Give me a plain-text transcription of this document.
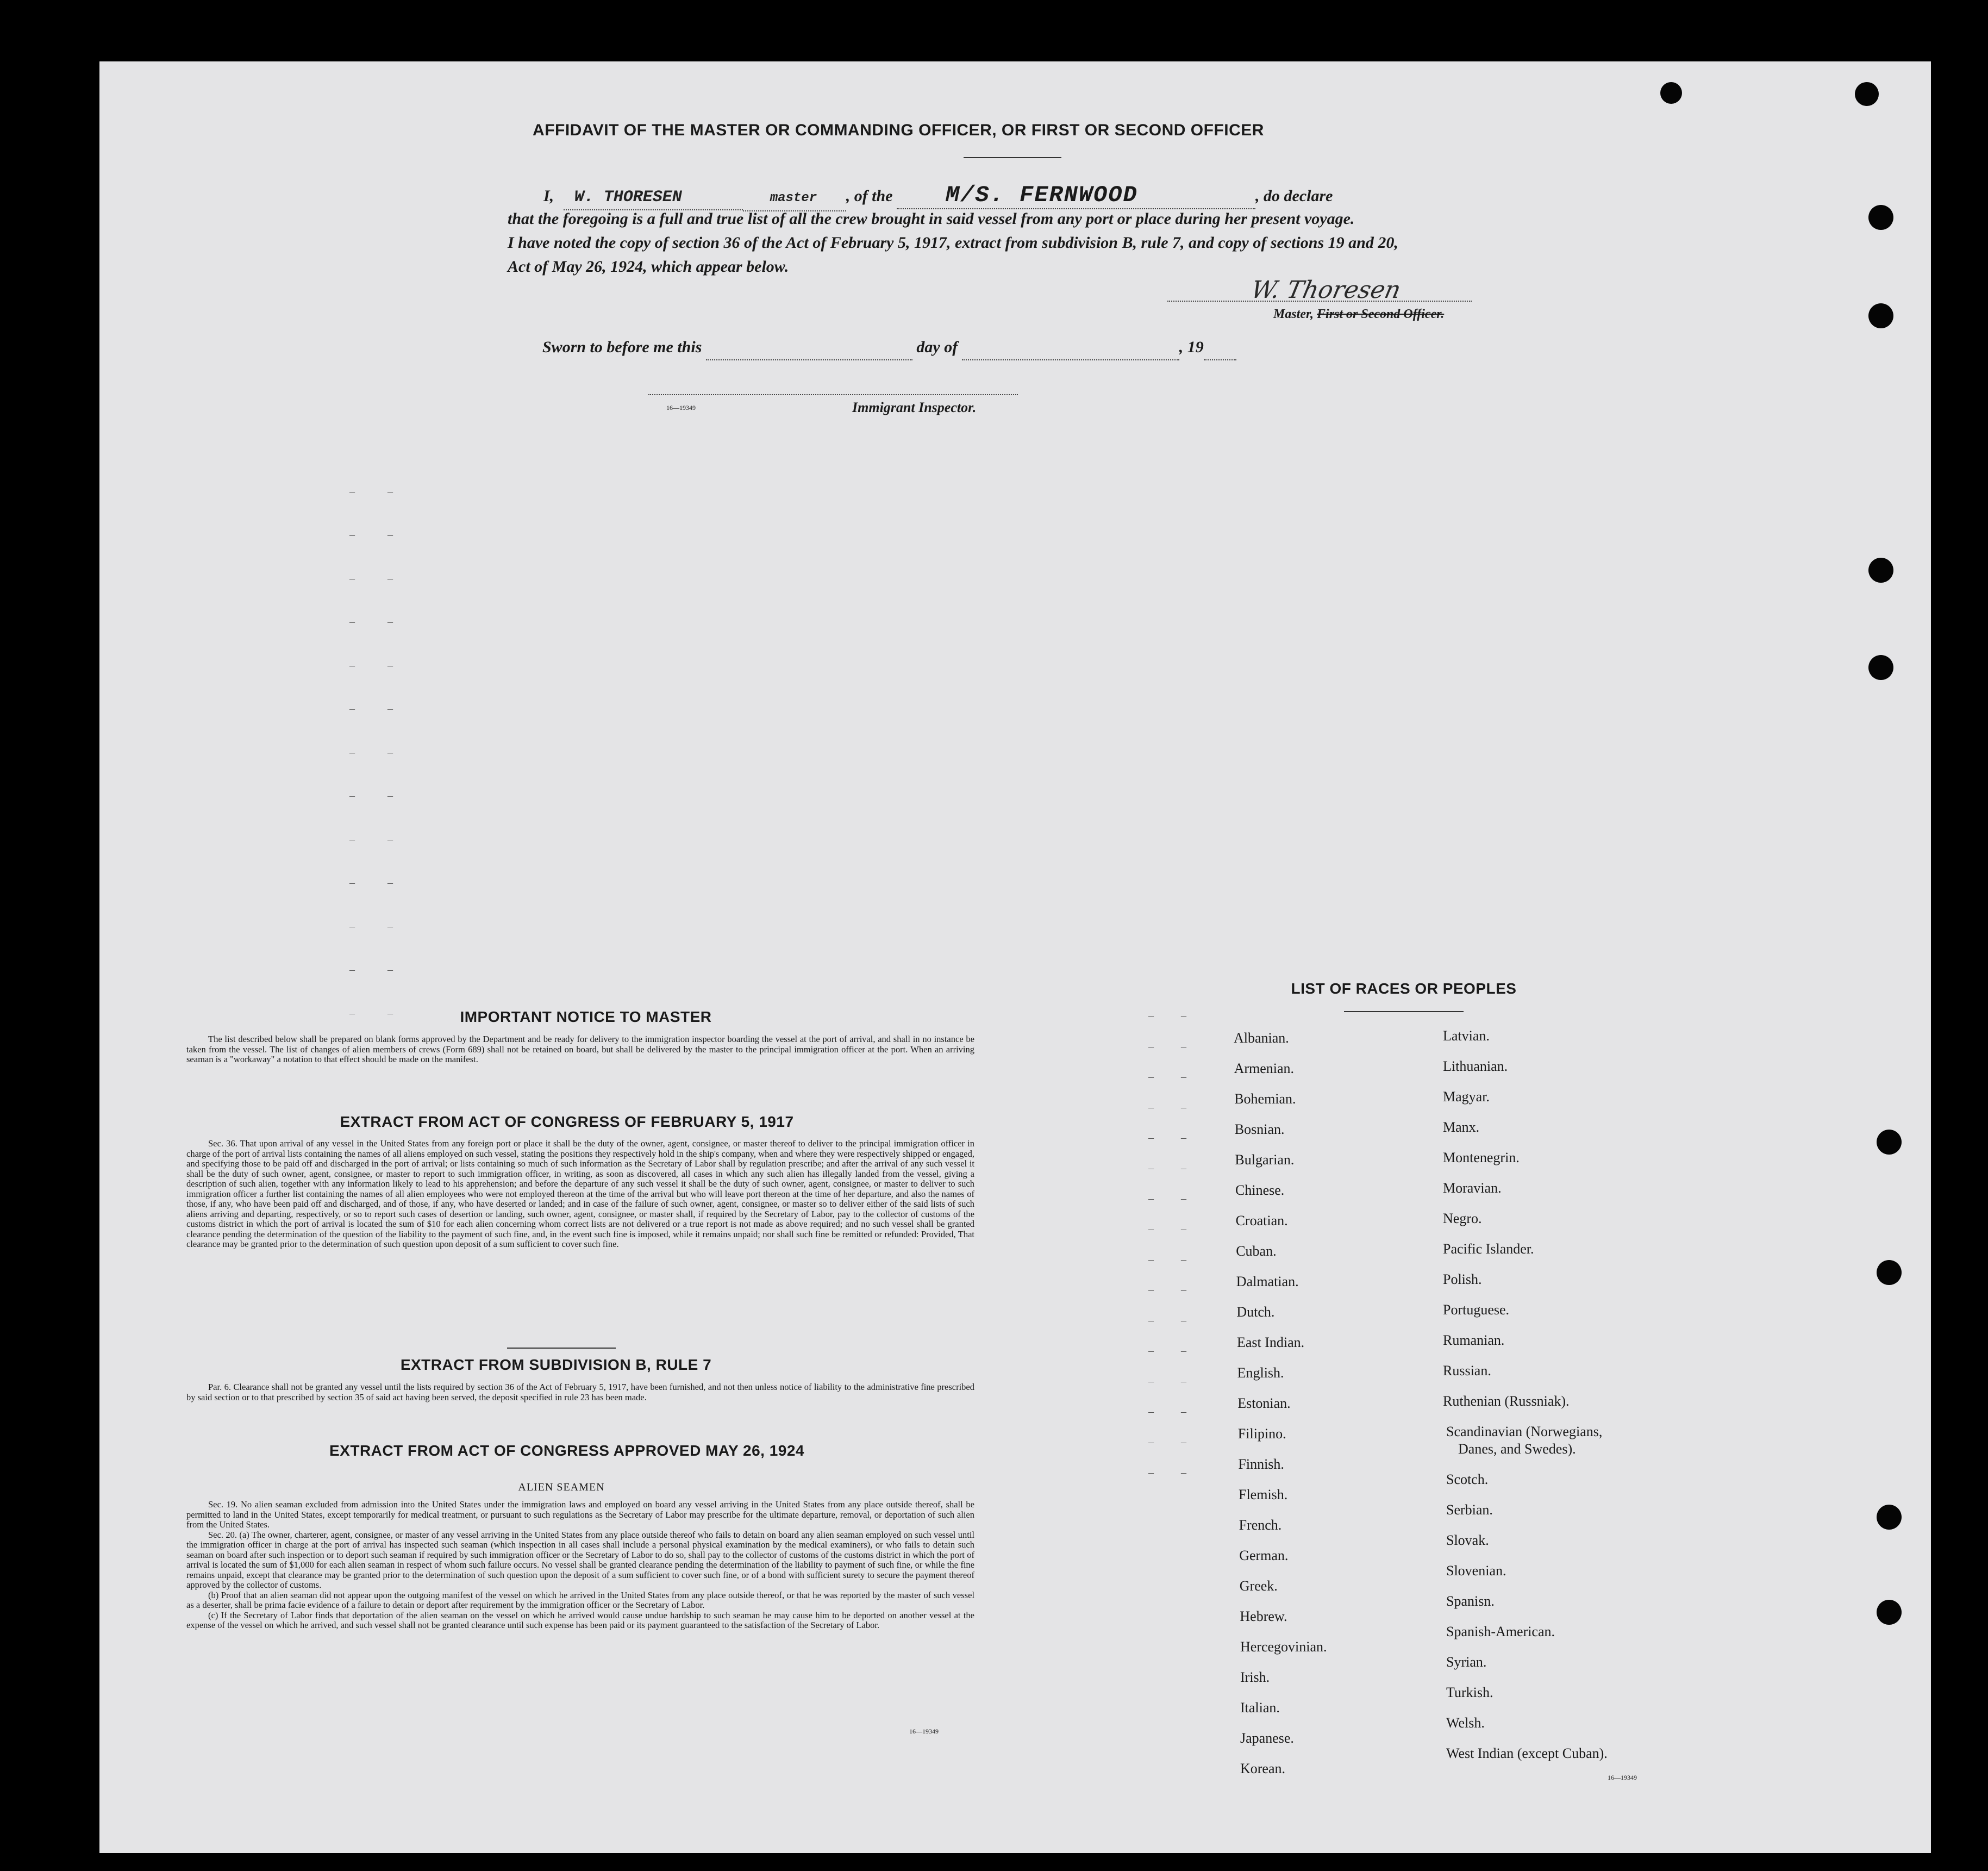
AFFIDAVIT OF THE MASTER OR COMMANDING OFFICER, OR FIRST OR SECOND OFFICER
I, W. THORESEN	master , of the M/S. FERNWOOD	, do declare
that the foregoing is a full and true list of all the crew brought in said vessel from any port or place during her present voyage.
I have noted the copy of section 36 of the Act of February 5, 1917, extract from subdivision B, rule 7, and copy of sections 19 and 20,
Act of May 26, 1924, which appear below.
W. Thoresen
Master, First or Second Officer.
Sworn to before me this	day of	, 19
16—19349	Immigrant Inspector.
IMPORTANT NOTICE TO MASTER

The list described below shall be prepared on blank forms approved by the Department and be ready for delivery to the immigration inspector boarding the vessel at the port of arrival, and shall in no instance be taken from the vessel. The list of changes of alien members of crews (Form 689) shall not be retained on board, but shall be delivered by the master to the principal immigration officer at the port. When an arriving seaman is a "workaway" a notation to that effect should be made on the manifest.

EXTRACT FROM ACT OF CONGRESS OF FEBRUARY 5, 1917

Sec. 36. That upon arrival of any vessel in the United States from any foreign port or place it shall be the duty of the owner, agent, consignee, or master thereof to deliver to the principal immigration officer in charge of the port of arrival lists containing the names of all aliens employed on such vessel, stating the positions they respectively hold in the ship's company, when and where they were respectively shipped or engaged, and specifying those to be paid off and discharged in the port of arrival; or lists containing so much of such information as the Secretary of Labor shall by regulation prescribe; and after the arrival of any such vessel it shall be the duty of such owner, agent, consignee, or master to report to such immigration officer, in writing, as soon as discovered, all cases in which any such alien has illegally landed from the vessel, giving a description of such alien, together with any information likely to lead to his apprehension; and before the departure of any such vessel it shall be the duty of such owner, agent, consignee, or master to deliver to such immigration officer a further list containing the names of all alien employees who were not employed thereon at the time of the arrival but who will leave port thereon at the time of her departure, and also the names of those, if any, who have been paid off and discharged, and of those, if any, who have deserted or landed; and in case of the failure of such owner, agent, consignee, or master so to deliver either of the said lists of such aliens arriving and departing, respectively, or so to report such cases of desertion or landing, such owner, agent, consignee, or master shall, if required by the Secretary of Labor, pay to the collector of customs of the customs district in which the port of arrival is located the sum of $10 for each alien concerning whom correct lists are not delivered or a true report is not made as above required; and no such vessel shall be granted clearance pending the determination of the question of the liability to the payment of such fine, and, in the event such fine is imposed, while it remains unpaid; nor shall such fine be remitted or refunded: Provided, That clearance may be granted prior to the determination of such question upon deposit of a sum sufficient to cover such fine.

EXTRACT FROM SUBDIVISION B, RULE 7

Par. 6. Clearance shall not be granted any vessel until the lists required by section 36 of the Act of February 5, 1917, have been furnished, and not then unless notice of liability to the administrative fine prescribed by said section or to that prescribed by section 35 of said act having been served, the deposit specified in rule 23 has been made.

EXTRACT FROM ACT OF CONGRESS APPROVED MAY 26, 1924
ALIEN SEAMEN

Sec. 19. No alien seaman excluded from admission into the United States under the immigration laws and employed on board any vessel arriving in the United States from any place outside thereof, shall be permitted to land in the United States, except temporarily for medical treatment, or pursuant to such regulations as the Secretary of Labor may prescribe for the ultimate departure, removal, or deportation of such alien from the United States.

Sec. 20. (a) The owner, charterer, agent, consignee, or master of any vessel arriving in the United States from any place outside thereof who fails to detain on board any alien seaman employed on such vessel until the immigration officer in charge at the port of arrival has inspected such seaman (which inspection in all cases shall include a personal physical examination by the medical examiners), or who fails to detain such seaman on board after such inspection or to deport such seaman if required by such immigration officer or the Secretary of Labor to do so, shall pay to the collector of customs of the customs district in which the port of arrival is located the sum of $1,000 for each alien seaman in respect of whom such failure occurs. No vessel shall be granted clearance pending the determination of the liability to payment of such fine, or while the fine remains unpaid, except that clearance may be granted prior to the determination of such question upon the deposit of a sum sufficient to cover such fine, or of a bond with sufficient surety to secure the payment thereof approved by the collector of customs.

(b) Proof that an alien seaman did not appear upon the outgoing manifest of the vessel on which he arrived in the United States from any place outside thereof, or that he was reported by the master of such vessel as a deserter, shall be prima facie evidence of a failure to detain or deport after requirement by the immigration officer or the Secretary of Labor.

(c) If the Secretary of Labor finds that deportation of the alien seaman on the vessel on which he arrived would cause undue hardship to such seaman he may cause him to be deported on another vessel at the expense of the vessel on which he arrived, and such vessel shall not be granted clearance until such expense has been paid or its payment guaranteed to the satisfaction of the Secretary of Labor.

16—19349
LIST OF RACES OR PEOPLES
Albanian.
Armenian.
Bohemian.
Bosnian.
Bulgarian.
Chinese.
Croatian.
Cuban.
Dalmatian.
Dutch.
East Indian.
English.
Estonian.
Filipino.
Finnish.
Flemish.
French.
German.
Greek.
Hebrew.
Hercegovinian.
Irish.
Italian.
Japanese.
Korean.
Latvian.
Lithuanian.
Magyar.
Manx.
Montenegrin.
Moravian.
Negro.
Pacific Islander.
Polish.
Portuguese.
Rumanian.
Russian.
Ruthenian (Russniak).
Scandinavian (Norwegians,
Danes, and Swedes).
Scotch.
Serbian.
Slovak.
Slovenian.
Spanisn.
Spanish-American.
Syrian.
Turkish.
Welsh.
West Indian (except Cuban).
16—19349
–	–
–	–
–	–
–	–
–	–
–	–
–	–
–	–
–	–
–	–
–	–
–	–
–	–	–	–
–	–
–	–
–	–
–	–
–	–
–	–
–	–
–	–
–	–
–	–
–	–
–	–
–	–
–	–
–	–
